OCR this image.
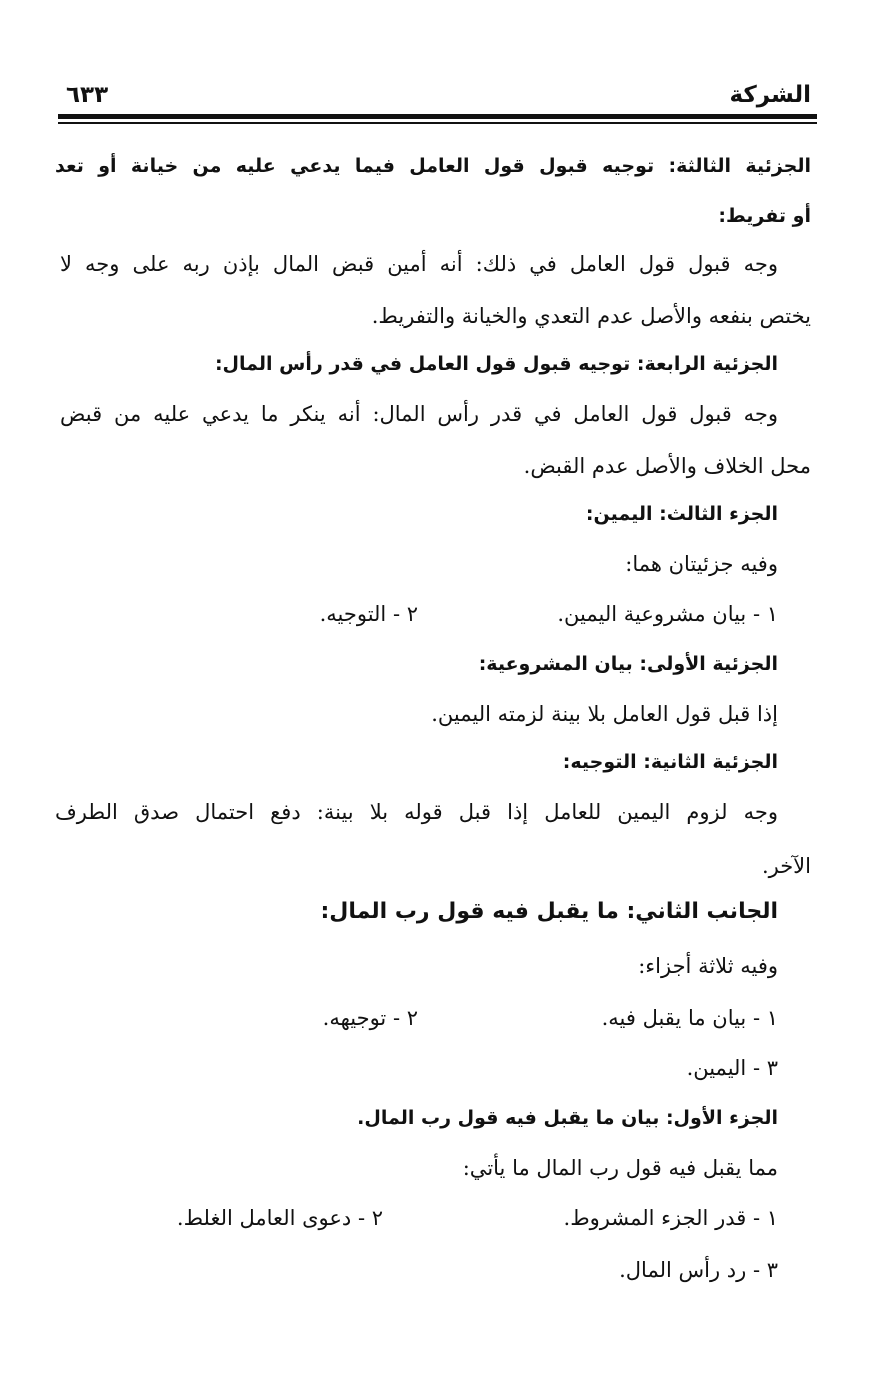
الشركة
٦٣٣
الجزئية الثالثة: توجيه قبول قول العامل فيما يدعي عليه من خيانة أو تعد
أو تفريط:
وجه قبول قول العامل في ذلك: أنه أمين قبض المال بإذن ربه على وجه لا
يختص بنفعه والأصل عدم التعدي والخيانة والتفريط.
الجزئية الرابعة: توجيه قبول قول العامل في قدر رأس المال:
وجه قبول قول العامل في قدر رأس المال: أنه ينكر ما يدعي عليه من قبض
محل الخلاف والأصل عدم القبض.
الجزء الثالث: اليمين:
وفيه جزئيتان هما:
١ - بيان مشروعية اليمين.
٢ - التوجيه.
الجزئية الأولى: بيان المشروعية:
إذا قبل قول العامل بلا بينة لزمته اليمين.
الجزئية الثانية: التوجيه:
وجه لزوم اليمين للعامل إذا قبل قوله بلا بينة: دفع احتمال صدق الطرف
الآخر.
الجانب الثاني: ما يقبل فيه قول رب المال:
وفيه ثلاثة أجزاء:
١ - بيان ما يقبل فيه.
٢ - توجيهه.
٣ - اليمين.
الجزء الأول: بيان ما يقبل فيه قول رب المال.
مما يقبل فيه قول رب المال ما يأتي:
١ - قدر الجزء المشروط.
٢ - دعوى العامل الغلط.
٣ - رد رأس المال.
